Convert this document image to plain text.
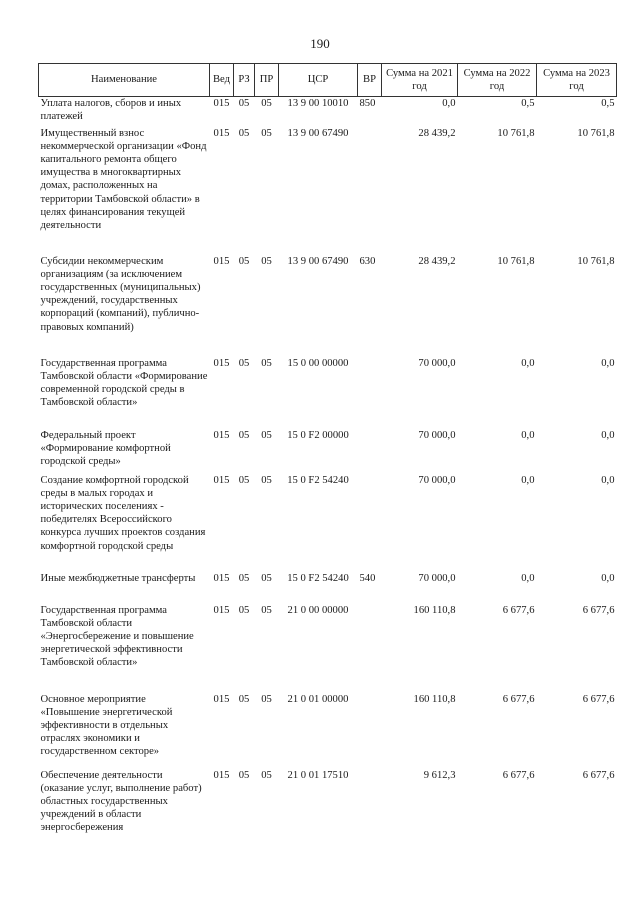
190
Наименование	Вед	РЗ	ПР	ЦСР	ВР	Сумма на 2021 год	Сумма на 2022 год	Сумма на 2023 год
Уплата налогов, сборов и иных платежей	015	05	05	13 9 00 10010	850	0,0	0,5	0,5
Имущественный взнос некоммерческой организации «Фонд капитального ремонта общего имущества в многоквартирных домах, расположенных на территории Тамбовской области» в целях финансирования текущей деятельности	015	05	05	13 9 00 67490		28 439,2	10 761,8	10 761,8
Субсидии некоммерческим организациям (за исключением государственных (муниципальных) учреждений, государственных корпораций (компаний), публично-правовых компаний)	015	05	05	13 9 00 67490	630	28 439,2	10 761,8	10 761,8
Государственная программа Тамбовской области «Формирование современной городской среды в Тамбовской области»	015	05	05	15 0 00 00000		70 000,0	0,0	0,0
Федеральный проект «Формирование комфортной городской среды»	015	05	05	15 0 F2 00000		70 000,0	0,0	0,0
Создание комфортной городской среды в малых городах и исторических поселениях - победителях Всероссийского конкурса лучших проектов создания комфортной городской среды	015	05	05	15 0 F2 54240		70 000,0	0,0	0,0
Иные межбюджетные трансферты	015	05	05	15 0 F2 54240	540	70 000,0	0,0	0,0
Государственная программа Тамбовской области «Энергосбережение и повышение энергетической эффективности Тамбовской области»	015	05	05	21 0 00 00000		160 110,8	6 677,6	6 677,6
Основное мероприятие «Повышение энергетической эффективности в отдельных отраслях экономики и государственном секторе»	015	05	05	21 0 01 00000		160 110,8	6 677,6	6 677,6
Обеспечение деятельности (оказание услуг, выполнение работ) областных государственных учреждений в области энергосбережения	015	05	05	21 0 01 17510		9 612,3	6 677,6	6 677,6
